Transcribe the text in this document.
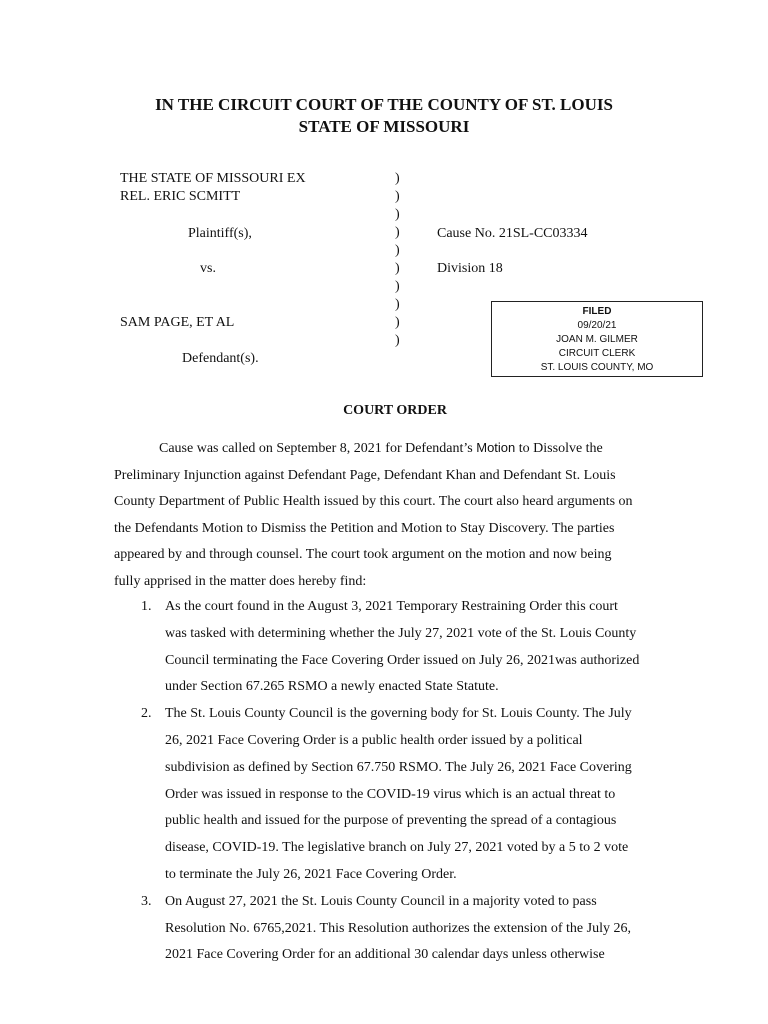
IN THE CIRCUIT COURT OF THE COUNTY OF ST. LOUIS
STATE OF MISSOURI
THE STATE OF MISSOURI EX
REL. ERIC SCMITT
Plaintiff(s),
vs.
SAM PAGE, ET AL
Defendant(s).
)
)
)
)
)
)
)
)
)
)
Cause No. 21SL-CC03334
Division 18
FILED
09/20/21
JOAN M. GILMER
CIRCUIT CLERK
ST. LOUIS COUNTY, MO
COURT ORDER
Cause was called on September 8, 2021 for Defendant’s Motion to Dissolve the
Preliminary Injunction against Defendant Page, Defendant Khan and Defendant St. Louis
County Department of Public Health issued by this court. The court also heard arguments on
the Defendants Motion to Dismiss the Petition and Motion to Stay Discovery. The parties
appeared by and through counsel. The court took argument on the motion and now being
fully apprised in the matter does hereby find:
1. As the court found in the August 3, 2021 Temporary Restraining Order this court
was tasked with determining whether the July 27, 2021 vote of the St. Louis County
Council terminating the Face Covering Order issued on July 26, 2021was authorized
under Section 67.265 RSMO a newly enacted State Statute.
2. The St. Louis County Council is the governing body for St. Louis County. The July
26, 2021 Face Covering Order is a public health order issued by a political
subdivision as defined by Section 67.750 RSMO. The July 26, 2021 Face Covering
Order was issued in response to the COVID-19 virus which is an actual threat to
public health and issued for the purpose of preventing the spread of a contagious
disease, COVID-19. The legislative branch on July 27, 2021 voted by a 5 to 2 vote
to terminate the July 26, 2021 Face Covering Order.
3. On August 27, 2021 the St. Louis County Council in a majority voted to pass
Resolution No. 6765,2021. This Resolution authorizes the extension of the July 26,
2021 Face Covering Order for an additional 30 calendar days unless otherwise
